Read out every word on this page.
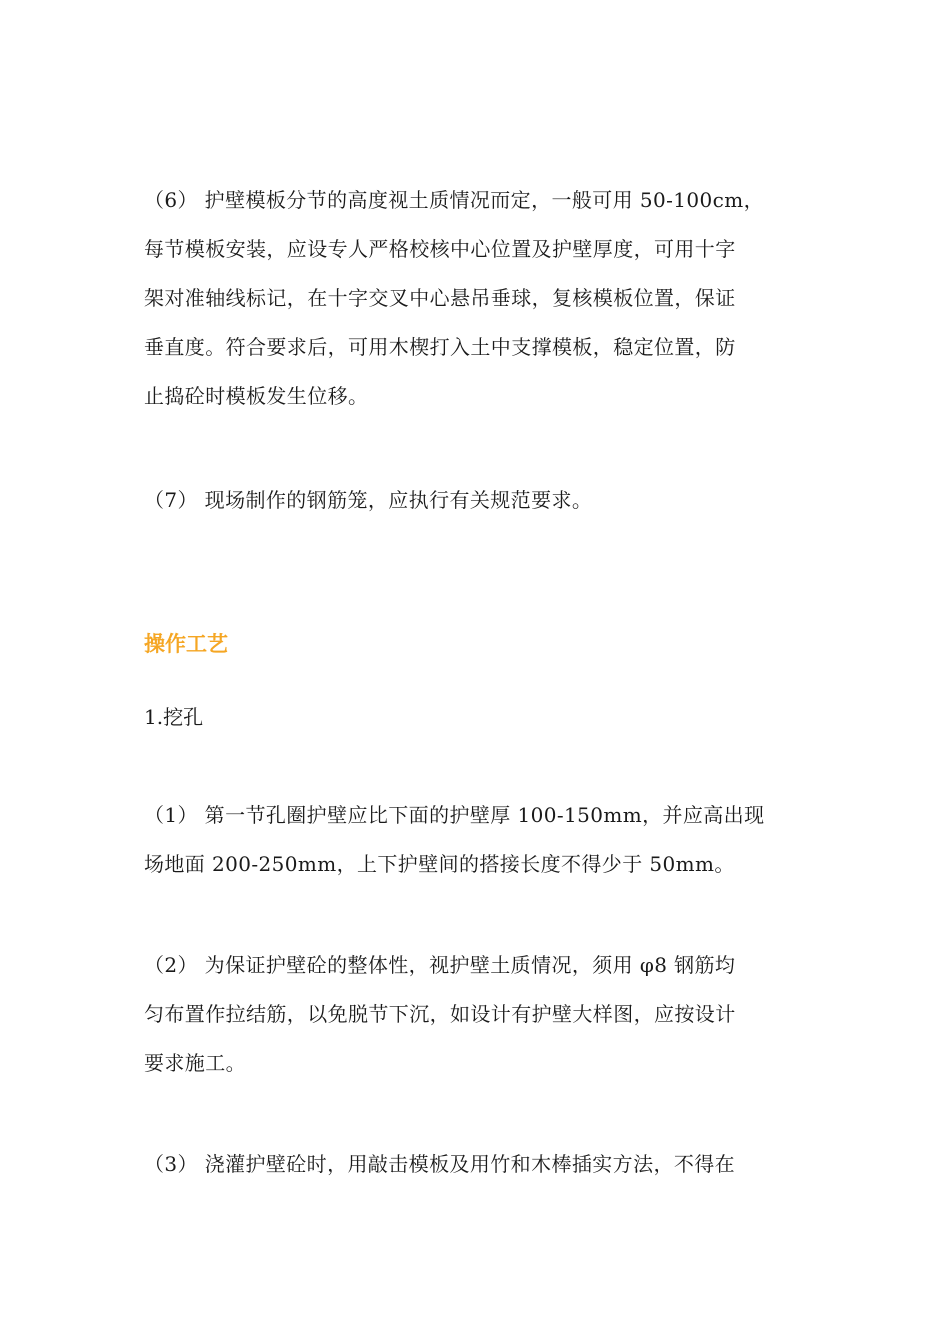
（6） 护壁模板分节的高度视土质情况而定，一般可用 50-100cm，
每节模板安装，应设专人严格校核中心位置及护壁厚度，可用十字
架对准轴线标记，在十字交叉中心悬吊垂球，复核模板位置，保证
垂直度。符合要求后，可用木楔打入土中支撑模板，稳定位置，防
止捣砼时模板发生位移。
（7） 现场制作的钢筋笼，应执行有关规范要求。
操作工艺
1.挖孔
（1） 第一节孔圈护壁应比下面的护壁厚 100-150mm，并应高出现
场地面 200-250mm，上下护壁间的搭接长度不得少于 50mm。
（2） 为保证护壁砼的整体性，视护壁土质情况，须用 φ8 钢筋均
匀布置作拉结筋，以免脱节下沉，如设计有护壁大样图，应按设计
要求施工。
（3） 浇灌护壁砼时，用敲击模板及用竹和木棒插实方法，不得在
